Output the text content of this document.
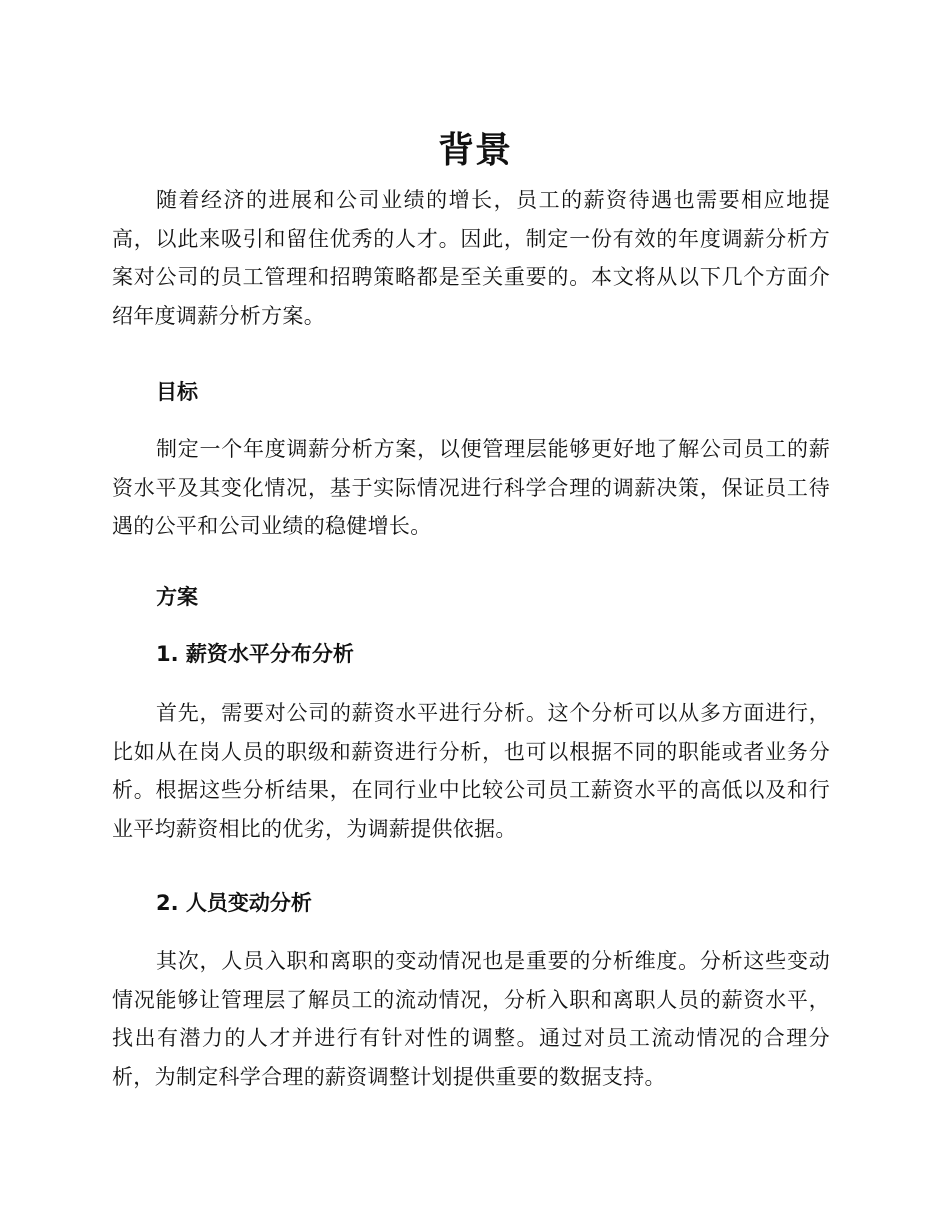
背景
随着经济的进展和公司业绩的增长，员工的薪资待遇也需要相应地提高，以此来吸引和留住优秀的人才。因此，制定一份有效的年度调薪分析方案对公司的员工管理和招聘策略都是至关重要的。本文将从以下几个方面介绍年度调薪分析方案。
目标
制定一个年度调薪分析方案，以便管理层能够更好地了解公司员工的薪资水平及其变化情况，基于实际情况进行科学合理的调薪决策，保证员工待遇的公平和公司业绩的稳健增长。
方案
1. 薪资水平分布分析
首先，需要对公司的薪资水平进行分析。这个分析可以从多方面进行，比如从在岗人员的职级和薪资进行分析，也可以根据不同的职能或者业务分析。根据这些分析结果，在同行业中比较公司员工薪资水平的高低以及和行业平均薪资相比的优劣，为调薪提供依据。
2. 人员变动分析
其次，人员入职和离职的变动情况也是重要的分析维度。分析这些变动情况能够让管理层了解员工的流动情况，分析入职和离职人员的薪资水平，找出有潜力的人才并进行有针对性的调整。通过对员工流动情况的合理分析，为制定科学合理的薪资调整计划提供重要的数据支持。
